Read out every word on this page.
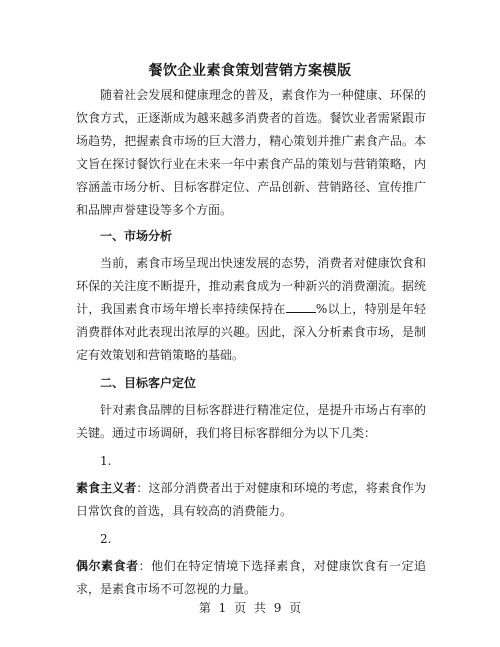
餐饮企业素食策划营销方案模版

随着社会发展和健康理念的普及，素食作为一种健康、环保的饮食方式，正逐渐成为越来越多消费者的首选。餐饮业者需紧跟市场趋势，把握素食市场的巨大潜力，精心策划并推广素食产品。本文旨在探讨餐饮行业在未来一年中素食产品的策划与营销策略，内容涵盖市场分析、目标客群定位、产品创新、营销路径、宣传推广和品牌声誉建设等多个方面。

一、市场分析

当前，素食市场呈现出快速发展的态势，消费者对健康饮食和环保的关注度不断提升，推动素食成为一种新兴的消费潮流。据统计，我国素食市场年增长率持续保持在	%以上，特别是年轻消费群体对此表现出浓厚的兴趣。因此，深入分析素食市场，是制定有效策划和营销策略的基础。

二、目标客户定位

针对素食品牌的目标客群进行精准定位，是提升市场占有率的关键。通过市场调研，我们将目标客群细分为以下几类：

1.

素食主义者：这部分消费者出于对健康和环境的考虑，将素食作为日常饮食的首选，具有较高的消费能力。

2.

偶尔素食者：他们在特定情境下选择素食，对健康饮食有一定追求，是素食市场不可忽视的力量。

第 1 页 共 9 页
